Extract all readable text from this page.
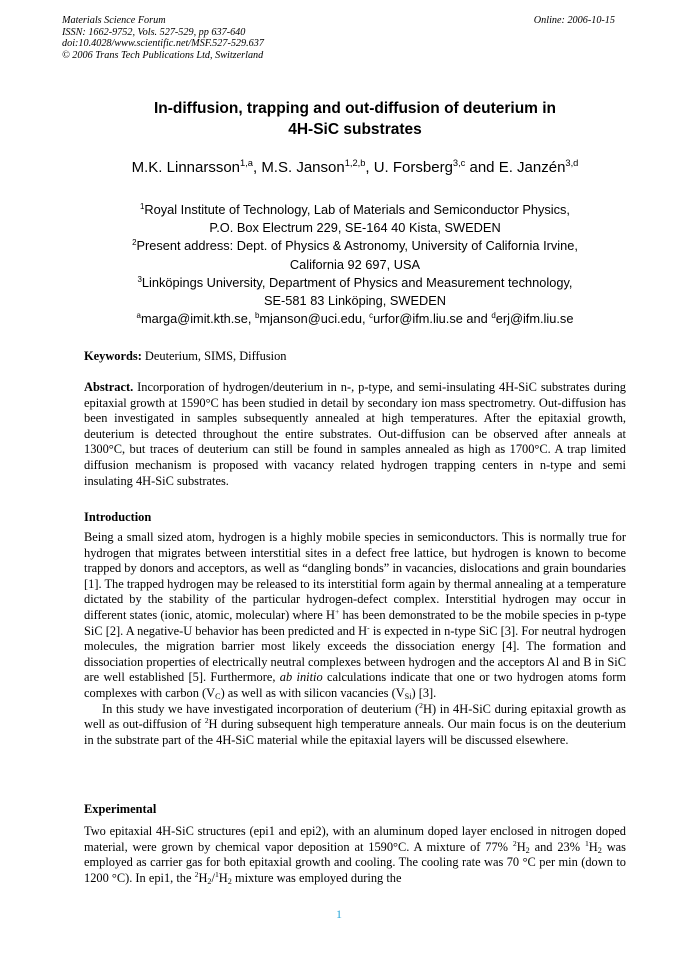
Materials Science Forum
ISSN: 1662-9752, Vols. 527-529, pp 637-640
doi:10.4028/www.scientific.net/MSF.527-529.637
© 2006 Trans Tech Publications Ltd, Switzerland
Online: 2006-10-15
In-diffusion, trapping and out-diffusion of deuterium in
4H-SiC substrates
M.K. Linnarsson$^{1,a}$, M.S. Janson$^{1,2,b}$, U. Forsberg$^{3,c}$ and E. Janzén$^{3,d}$
$^1$Royal Institute of Technology, Lab of Materials and Semiconductor Physics,
P.O. Box Electrum 229, SE-164 40 Kista, SWEDEN
$^2$Present address: Dept. of Physics & Astronomy, University of California Irvine,
California 92 697, USA
$^3$Linköpings University, Department of Physics and Measurement technology,
SE-581 83 Linköping, SWEDEN
$^a$marga@imit.kth.se, $^b$mjanson@uci.edu, $^c$urfor@ifm.liu.se and $^d$erj@ifm.liu.se
Keywords: Deuterium, SIMS, Diffusion
Abstract. Incorporation of hydrogen/deuterium in n-, p-type, and semi-insulating 4H-SiC substrates during epitaxial growth at 1590°C has been studied in detail by secondary ion mass spectrometry. Out-diffusion has been investigated in samples subsequently annealed at high temperatures. After the epitaxial growth, deuterium is detected throughout the entire substrates. Out-diffusion can be observed after anneals at 1300°C, but traces of deuterium can still be found in samples annealed as high as 1700°C. A trap limited diffusion mechanism is proposed with vacancy related hydrogen trapping centers in n-type and semi insulating 4H-SiC substrates.
Introduction

Being a small sized atom, hydrogen is a highly mobile species in semiconductors. This is normally true for hydrogen that migrates between interstitial sites in a defect free lattice, but hydrogen is known to become trapped by donors and acceptors, as well as “dangling bonds” in vacancies, dislocations and grain boundaries [1]. The trapped hydrogen may be released to its interstitial form again by thermal annealing at a temperature dictated by the stability of the particular hydrogen-defect complex. Interstitial hydrogen may occur in different states (ionic, atomic, molecular) where H+ has been demonstrated to be the mobile species in p-type SiC [2]. A negative-U behavior has been predicted and H- is expected in n-type SiC [3]. For neutral hydrogen molecules, the migration barrier most likely exceeds the dissociation energy [4]. The formation and dissociation properties of electrically neutral complexes between hydrogen and the acceptors Al and B in SiC are well established [5]. Furthermore, ab initio calculations indicate that one or two hydrogen atoms form complexes with carbon $(V_C)$ as well as with silicon vacancies $(V_{Si})$ [3].

In this study we have investigated incorporation of deuterium ($^2$H) in 4H-SiC during epitaxial growth as well as out-diffusion of $^2$H during subsequent high temperature anneals. Our main focus is on the deuterium in the substrate part of the 4H-SiC material while the epitaxial layers will be discussed elsewhere.

Experimental

Two epitaxial 4H-SiC structures (epi1 and epi2), with an aluminum doped layer enclosed in nitrogen doped material, were grown by chemical vapor deposition at 1590°C. A mixture of 77% $^2H_2$ and 23% $^1H_2$ was employed as carrier gas for both epitaxial growth and cooling. The cooling rate was 70 °C per min (down to 1200 °C). In epi1, the $^2H_2/^1H_2$ mixture was employed during the

1
